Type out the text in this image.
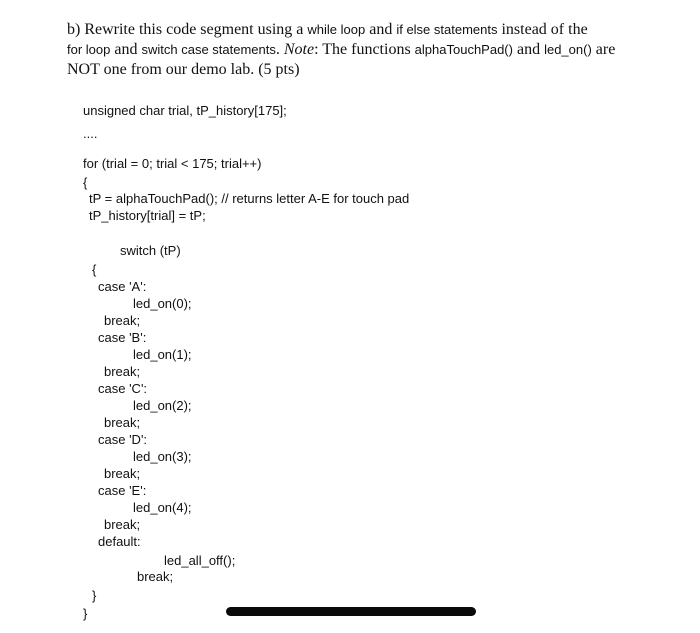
b) Rewrite this code segment using a while loop and if else statements instead of the
for loop and switch case statements. Note: The functions alphaTouchPad() and led_on() are
NOT one from our demo lab. (5 pts)

unsigned char trial, tP_history[175];

....

for (trial = 0; trial < 175; trial++)

{

tP = alphaTouchPad(); // returns letter A-E for touch pad

tP_history[trial] = tP;

switch (tP)

{

case 'A':

led_on(0);

break;

case 'B':

led_on(1);

break;

case 'C':

led_on(2);

break;

case 'D':

led_on(3);

break;

case 'E':

led_on(4);

break;

default:

led_all_off();

break;

}

}
